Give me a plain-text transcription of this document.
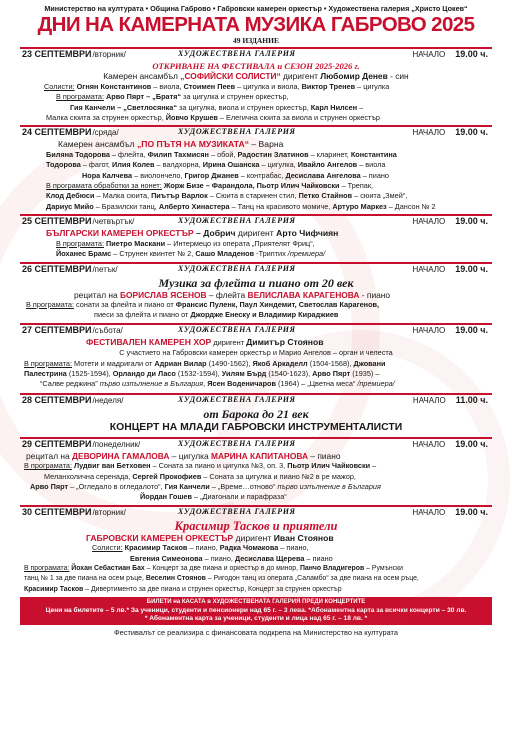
Министерство на културата • Община Габрово • Габровски камерен оркестър • Художествена галерия „Христо Цокев“
ДНИ НА КАМЕРНАТА МУЗИКА ГАБРОВО 2025
49 ИЗДАНИЕ
23 СЕПТЕМВРИ /вторник/	ХУДОЖЕСТВЕНА ГАЛЕРИЯ	НАЧАЛО 19.00 ч.
ОТКРИВАНЕ НА ФЕСТИВАЛА и СЕЗОН 2025-2026 г.
Камерен ансамбъл „СОФИЙСКИ СОЛИСТИ“ диригент Любомир Денев - син
Солисти: Огнян Константинов – виола, Стоимен Пеев – цигулка и виола, Виктор Тренев – цигулка
В програмата: Арво Пярт – „Братя“ за цигулка и струнен оркестър,
Гия Канчели – „Светлосянка“ за цигулка, виола и струнен оркестър, Карл Нилсен –
Малка сюита за струнен оркестър, Йовчо Крушев – Елегична сюита за виола и струнен оркестър
24 СЕПТЕМВРИ /сряда/	ХУДОЖЕСТВЕНА ГАЛЕРИЯ	НАЧАЛО 19.00 ч.
Камерен ансамбъл „ПО ПЪТЯ НА МУЗИКАТА“ – Варна
Биляна Тодорова – флейта, Филип Тахмисян – обой, Радостин Златинов – кларинет, Константина
Тодорова – фагот, Илия Колев – валдхорна, Ирина Ошанска – цигулка, Ивайло Ангелов – виола
Нора Калчева – виолончело, Григор Джанев – контрабас, Десислава Ангелова – пиано
В програмата обработки за нонет: Жорж Бизе – Фарандола, Пьотр Илич Чайковски – Трепак,
Клод Дебюси – Малка сюита, Пиътър Варлок – Сюита в старинен стил, Петко Стайнов – сюита „Змей“,
Дариус Мийо – Бразилски танц, Алберто Хинастера – Танц на красивото момиче, Артуро Маркез – Дансон № 2
25 СЕПТЕМВРИ /четвъртък/	ХУДОЖЕСТВЕНА ГАЛЕРИЯ	НАЧАЛО 19.00 ч.
БЪЛГАРСКИ КАМЕРЕН ОРКЕСТЪР – Добрич диригент Арто Чифчиян
В програмата: Пиетро Маскани – Интермецо из операта „Приятелят Фриц“,
Йоханес Брамс – Струнен квинтет № 2, Сашо Младенов -Триптих /премиера/
26 СЕПТЕМВРИ /петък/	ХУДОЖЕСТВЕНА ГАЛЕРИЯ	НАЧАЛО 19.00 ч.
Музика за флейта и пиано от 20 век
рецитал на БОРИСЛАВ ЯСЕНОВ – флейта ВЕЛИСЛАВА КАРАГЕНОВА - пиано
В програмата: сонати за флейта и пиано от Франсис Пуленк, Паул Хиндемит, Светослав Карагенов,
пиеси за флейта и пиано от Джордже Енеску и Владимир Кираджиев
27 СЕПТЕМВРИ /събота/	ХУДОЖЕСТВЕНА ГАЛЕРИЯ	НАЧАЛО 19.00 ч.
ФЕСТИВАЛЕН КАМЕРЕН ХОР диригент Димитър Стоянов
С участието на Габровски камерен оркестър и Марио Ангелов – орган и челеста
В програмата: Мотети и мадригали от Адриан Вилар (1490-1562), Якоб Аркаделл (1504-1568), Джовани
Палестрина (1525-1594), Орландо ди Ласо (1532-1594), Уилям Бърд (1540-1623), Арво Пярт (1935) –
“Салве реджина” първо изпълнение в България, Ясен Воденичаров (1964) – „Цветна меса“ /премиера/
28 СЕПТЕМВРИ /неделя/	ХУДОЖЕСТВЕНА ГАЛЕРИЯ	НАЧАЛО 11.00 ч.
от Барока до 21 век
КОНЦЕРТ НА МЛАДИ ГАБРОВСКИ ИНСТРУМЕНТАЛИСТИ
29 СЕПТЕМВРИ /понеделник/	ХУДОЖЕСТВЕНА ГАЛЕРИЯ	НАЧАЛО 19.00 ч.
рецитал на ДЕВОРИНА ГАМАЛОВА – цигулка МАРИНА КАПИТАНОВА – пиано
В програмата: Лудвиг ван Бетховен – Соната за пиано и цигулка №3, оп. 3, Пьотр Илич Чайковски –
Меланхолична серенада, Сергей Прокофиев – Соната за цигулка и пиано №2 в ре мажор,
Арво Пярт – „Огледало в огледалото“, Гия Канчели – „Време…отново“ първо изпълнение в България
Йордан Гошев – „Диагонали и парафраза“
30 СЕПТЕМВРИ /вторник/	ХУДОЖЕСТВЕНА ГАЛЕРИЯ	НАЧАЛО 19.00 ч.
Красимир Тасков и приятели
ГАБРОВСКИ КАМЕРЕН ОРКЕСТЪР диригент Иван Стоянов
Солисти: Красимир Тасков – пиано, Радка Чомакова – пиано,
Евгения Симеонова – пиано, Десислава Щерева – пиано
В програмата: Йохан Себастиан Бах – Концерт за две пиана и оркестър в до минор, Панчо Владигеров – Румънски
танц № 1 за две пиана на осем ръце, Веселин Стоянов – Ригодон танц из операта „Саламбо“ за две пиана на осем ръце,
Красимир Тасков – Дивертименто за две пиана и струнен оркестър, Концерт за струнен оркестър
БИЛЕТИ на КАСАТА в ХУДОЖЕСТВЕНАТА ГАЛЕРИЯ ПРЕДИ КОНЦЕРТИТЕ
Цени на билетите – 5 лв.* За ученици, студенти и пенсионери над 65 г. – 3 лева. *Абонаментна карта за всички концерти – 30 лв.
* Абонаментна карта за ученици, студенти и лица над 65 г. – 18 лв. *
Фестивалът се реализира с финансовата подкрепа на Министерство на културата
